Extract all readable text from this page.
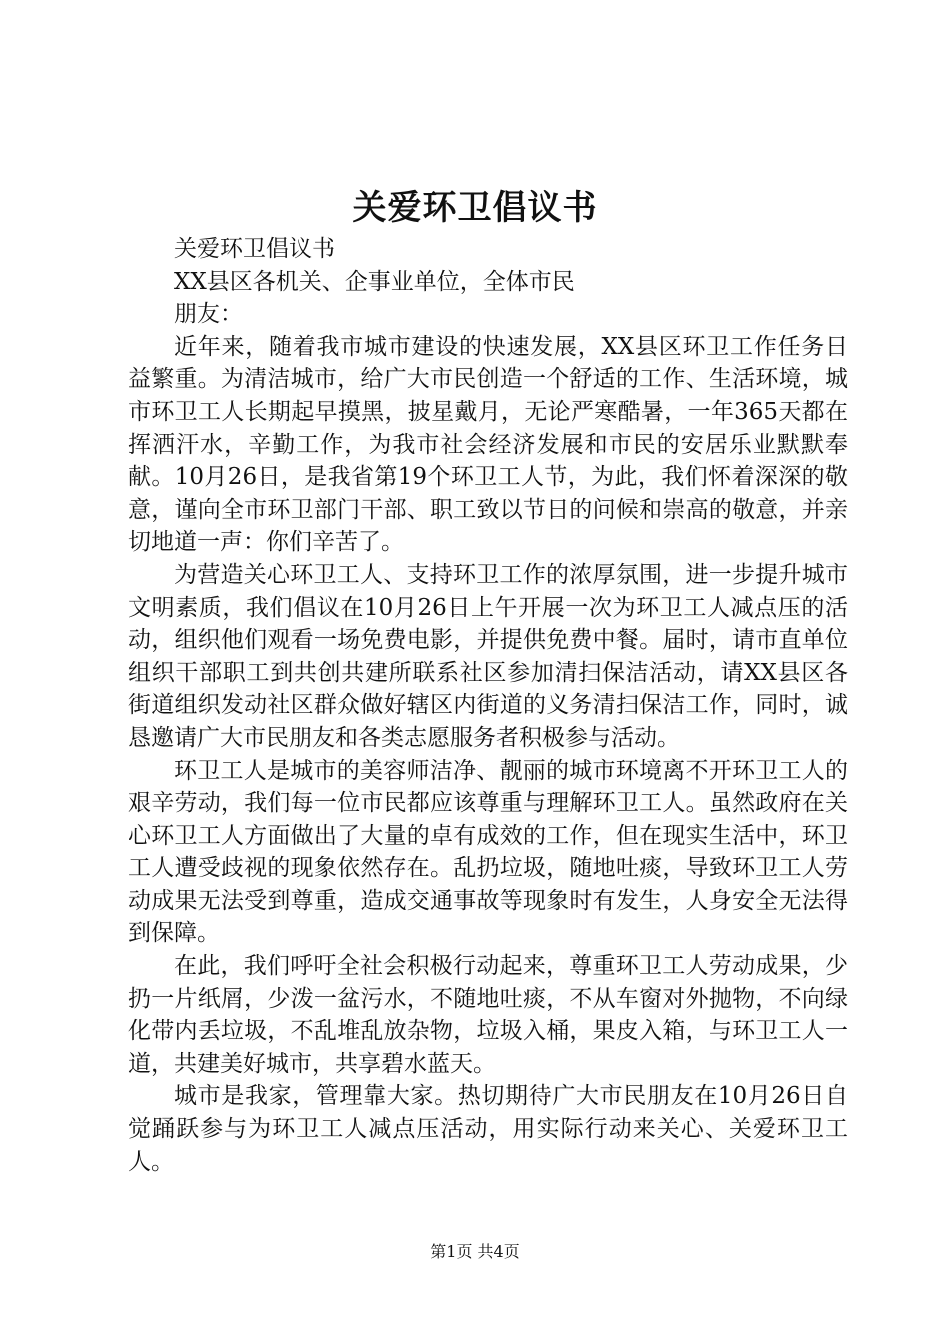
关爱环卫倡议书

关爱环卫倡议书

XX县区各机关、企事业单位，全体市民

朋友：

近年来，随着我市城市建设的快速发展，XX县区环卫工作任务日益繁重。为清洁城市，给广大市民创造一个舒适的工作、生活环境，城市环卫工人长期起早摸黑，披星戴月，无论严寒酷暑，一年365天都在挥洒汗水，辛勤工作，为我市社会经济发展和市民的安居乐业默默奉献。10月26日，是我省第19个环卫工人节，为此，我们怀着深深的敬意，谨向全市环卫部门干部、职工致以节日的问候和崇高的敬意，并亲切地道一声：你们辛苦了。

为营造关心环卫工人、支持环卫工作的浓厚氛围，进一步提升城市文明素质，我们倡议在10月26日上午开展一次为环卫工人减点压的活动，组织他们观看一场免费电影，并提供免费中餐。届时，请市直单位组织干部职工到共创共建所联系社区参加清扫保洁活动，请XX县区各街道组织发动社区群众做好辖区内街道的义务清扫保洁工作，同时，诚恳邀请广大市民朋友和各类志愿服务者积极参与活动。

环卫工人是城市的美容师洁净、靓丽的城市环境离不开环卫工人的艰辛劳动，我们每一位市民都应该尊重与理解环卫工人。虽然政府在关心环卫工人方面做出了大量的卓有成效的工作，但在现实生活中，环卫工人遭受歧视的现象依然存在。乱扔垃圾，随地吐痰，导致环卫工人劳动成果无法受到尊重，造成交通事故等现象时有发生，人身安全无法得到保障。

在此，我们呼吁全社会积极行动起来，尊重环卫工人劳动成果，少扔一片纸屑，少泼一盆污水，不随地吐痰，不从车窗对外抛物，不向绿化带内丢垃圾，不乱堆乱放杂物，垃圾入桶，果皮入箱，与环卫工人一道，共建美好城市，共享碧水蓝天。

城市是我家，管理靠大家。热切期待广大市民朋友在10月26日自觉踊跃参与为环卫工人减点压活动，用实际行动来关心、关爱环卫工人。

第1页 共4页
